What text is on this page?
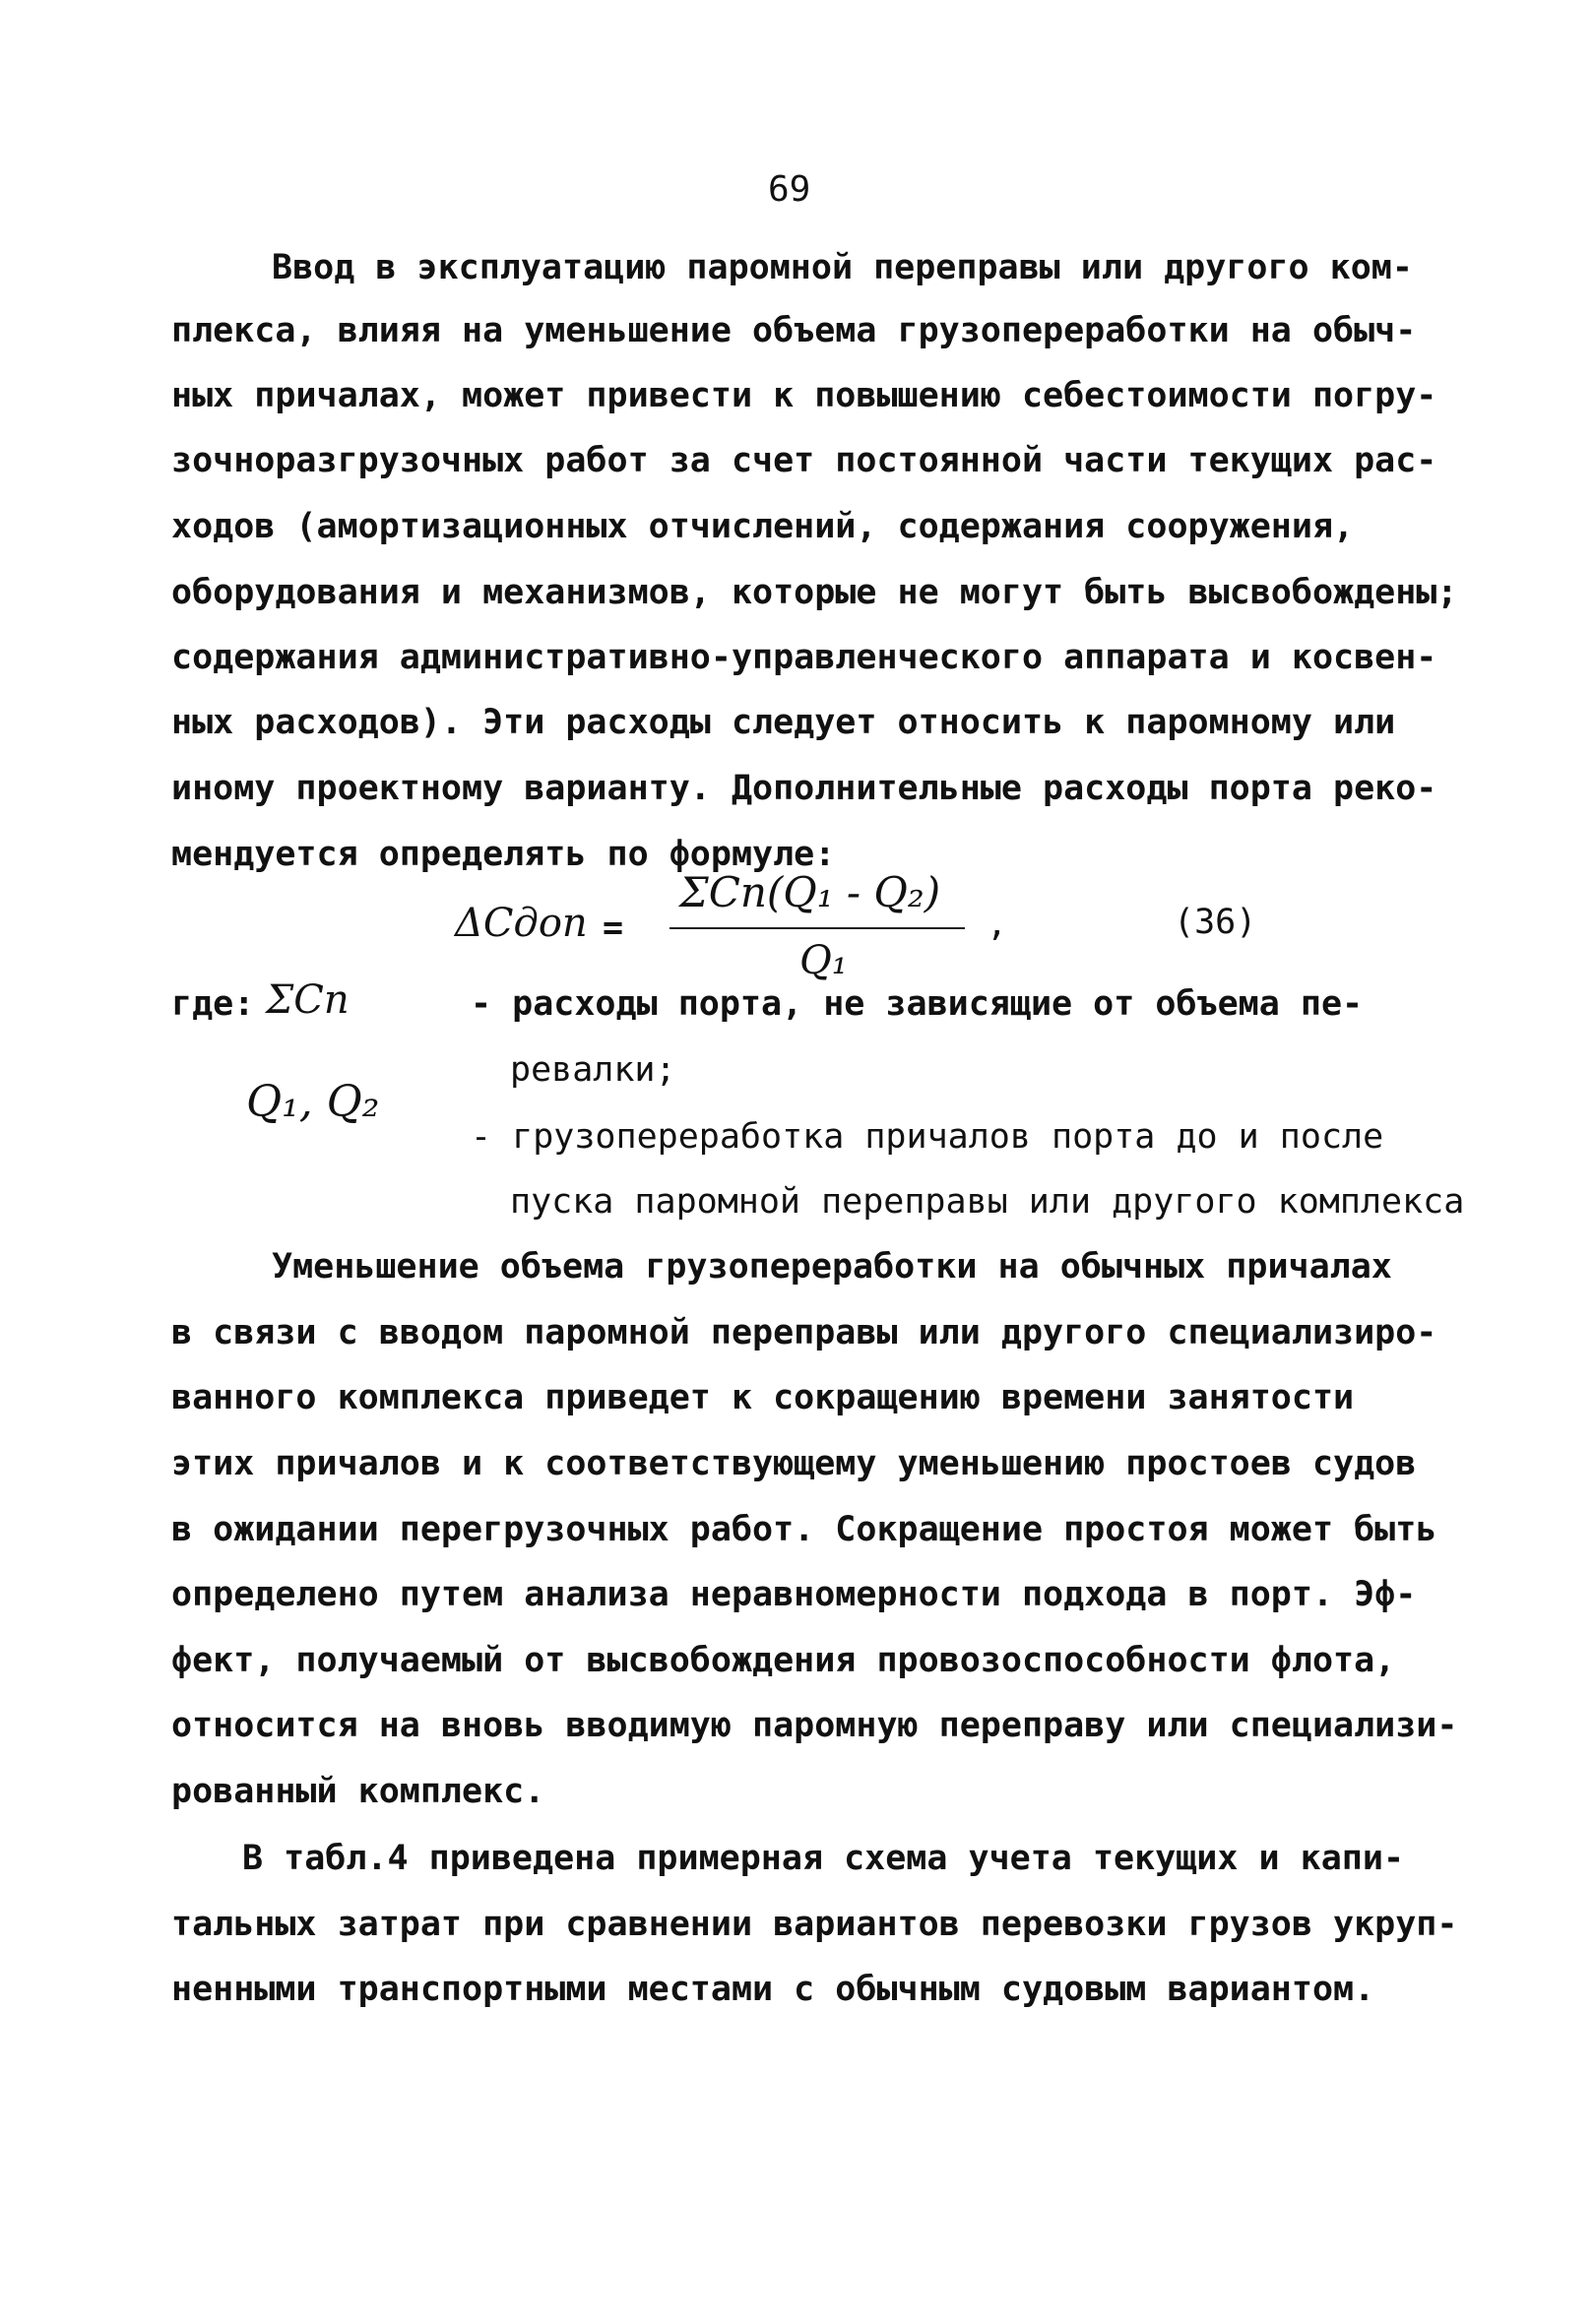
69
Ввод в эксплуатацию паромной переправы или другого ком-
плекса, влияя на уменьшение объема грузопереработки на обыч-
ных причалах, может привести к повышению себестоимости погру-
зочноразгрузочных работ за счет постоянной части текущих рас-
ходов (амортизационных отчислений, содержания сооружения,
оборудования и механизмов, которые не могут быть высвобождены;
содержания административно-управленческого аппарата и косвен-
ных расходов). Эти расходы следует относить к паромному или
иному проектному варианту. Дополнительные расходы порта реко-
мендуется определять по формуле:
ΔCдоп =
ΣCп(Q₁ - Q₂)
Q₁
,	(36)
где: ΣCп	- расходы порта, не зависящие от объема пе-
ревалки;
Q₁, Q₂
- грузопереработка причалов порта до и после
пуска паромной переправы или другого комплекса
Уменьшение объема грузопереработки на обычных причалах
в связи с вводом паромной переправы или другого специализиро-
ванного комплекса приведет к сокращению времени занятости
этих причалов и к соответствующему уменьшению простоев судов
в ожидании перегрузочных работ. Сокращение простоя может быть
определено путем анализа неравномерности подхода в порт. Эф-
фект, получаемый от высвобождения провозоспособности флота,
относится на вновь вводимую паромную переправу или специализи-
рованный комплекс.
В табл.4 приведена примерная схема учета текущих и капи-
тальных затрат при сравнении вариантов перевозки грузов укруп-
ненными транспортными местами с обычным судовым вариантом.
